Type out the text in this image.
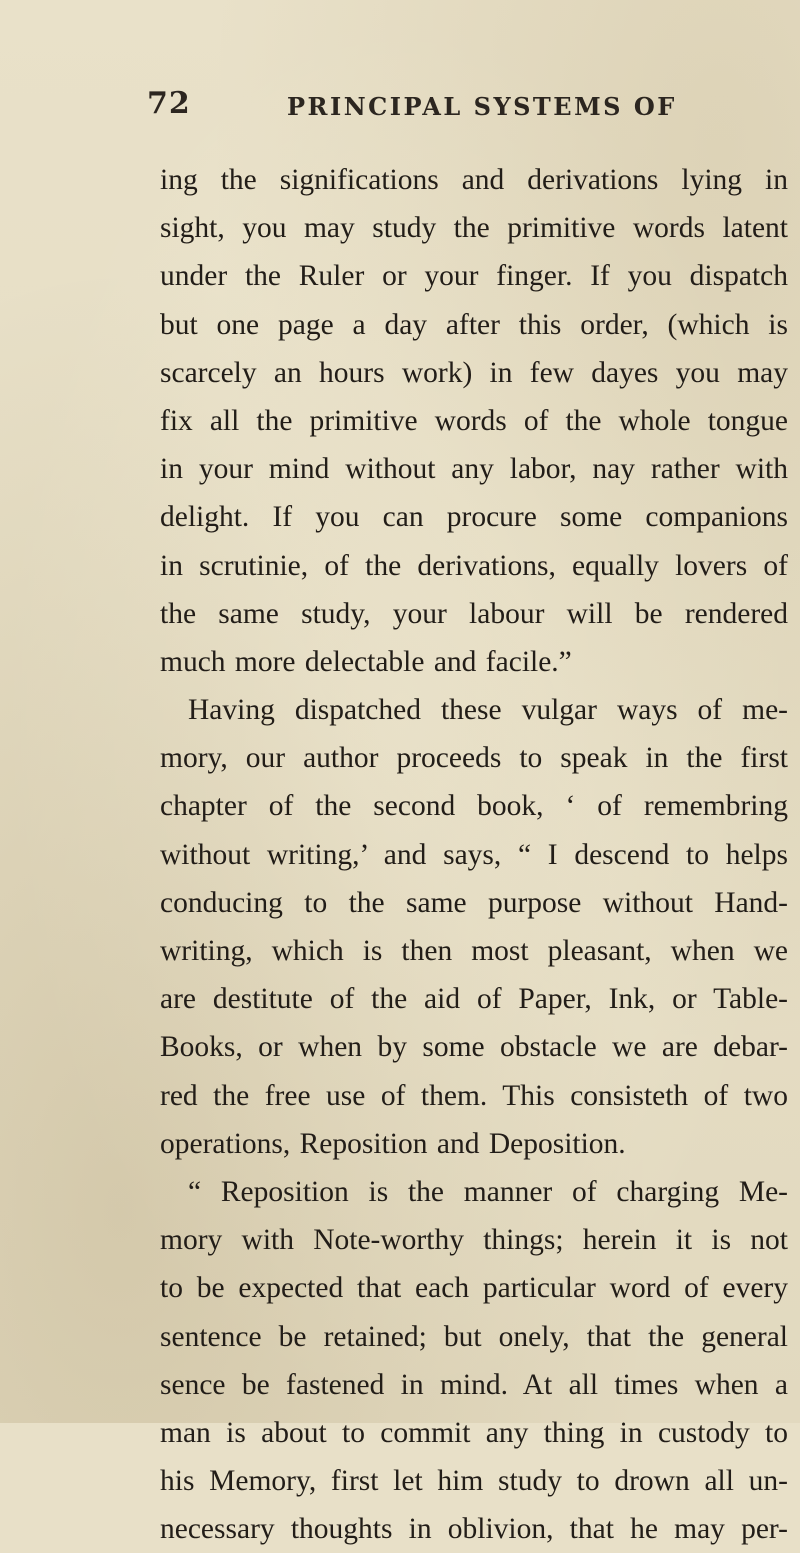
72	PRINCIPAL SYSTEMS OF
ing the significations and derivations lying in
sight, you may study the primitive words latent
under the Ruler or your finger. If you dispatch
but one page a day after this order, (which is
scarcely an hours work) in few dayes you may
fix all the primitive words of the whole tongue
in your mind without any labor, nay rather with
delight. If you can procure some companions
in scrutinie, of the derivations, equally lovers of
the same study, your labour will be rendered
much more delectable and facile.”
Having dispatched these vulgar ways of me-
mory, our author proceeds to speak in the first
chapter of the second book, ‘ of remembring
without writing,’ and says, “ I descend to helps
conducing to the same purpose without Hand-
writing, which is then most pleasant, when we
are destitute of the aid of Paper, Ink, or Table-
Books, or when by some obstacle we are debar-
red the free use of them. This consisteth of two
operations, Reposition and Deposition.
“ Reposition is the manner of charging Me-
mory with Note-worthy things; herein it is not
to be expected that each particular word of every
sentence be retained; but onely, that the general
sence be fastened in mind. At all times when a
man is about to commit any thing in custody to
his Memory, first let him study to drown all un-
necessary thoughts in oblivion, that he may per-
